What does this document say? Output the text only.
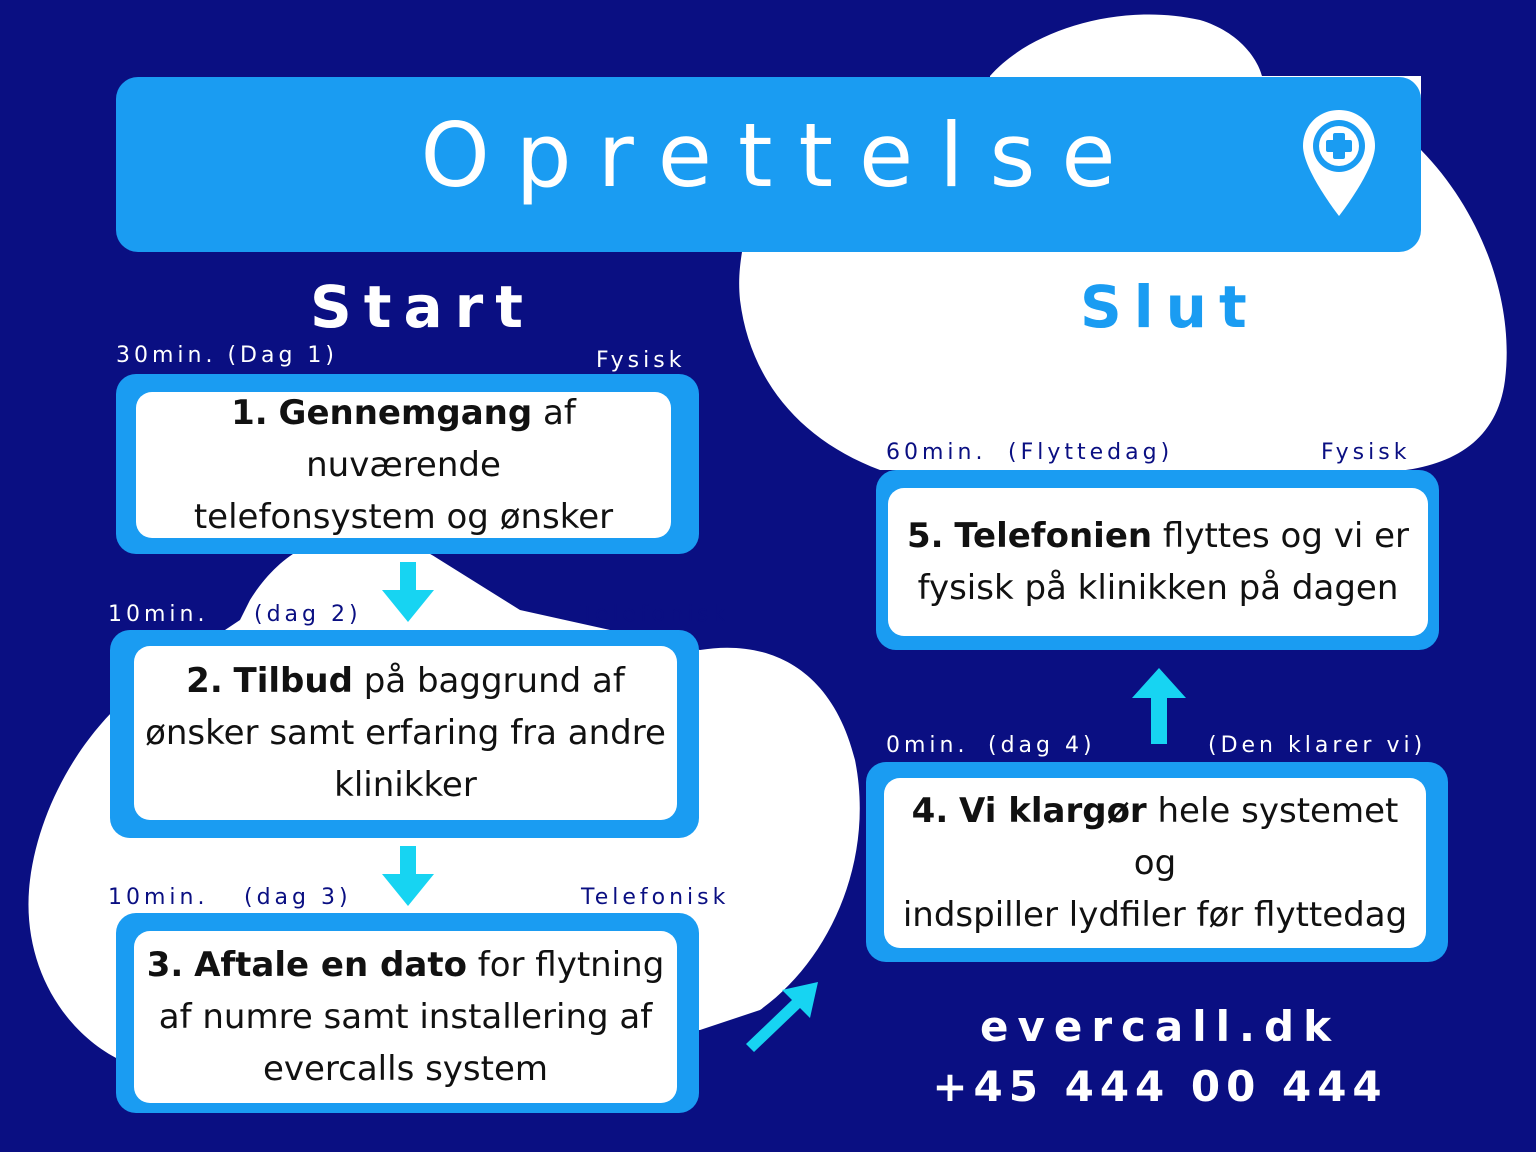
Oprettelse
Start	Slut
30min. (Dag 1)	Fysisk
1. Gennemgang af nuværende
telefonsystem og ønsker
10min. (dag 2)	Telefonisk
2. Tilbud på baggrund af
ønsker samt erfaring fra andre
klinikker
10min. (dag 3)	Telefonisk
3. Aftale en dato for flytning
af numre samt installering af
evercalls system
0min. (dag 4)	(Den klarer vi)
4. Vi klargør hele systemet og
indspiller lydfiler før flyttedag
60min. (Flyttedag)	Fysisk
5. Telefonien flyttes og vi er
fysisk på klinikken på dagen
evercall.dk
+45 444 00 444
